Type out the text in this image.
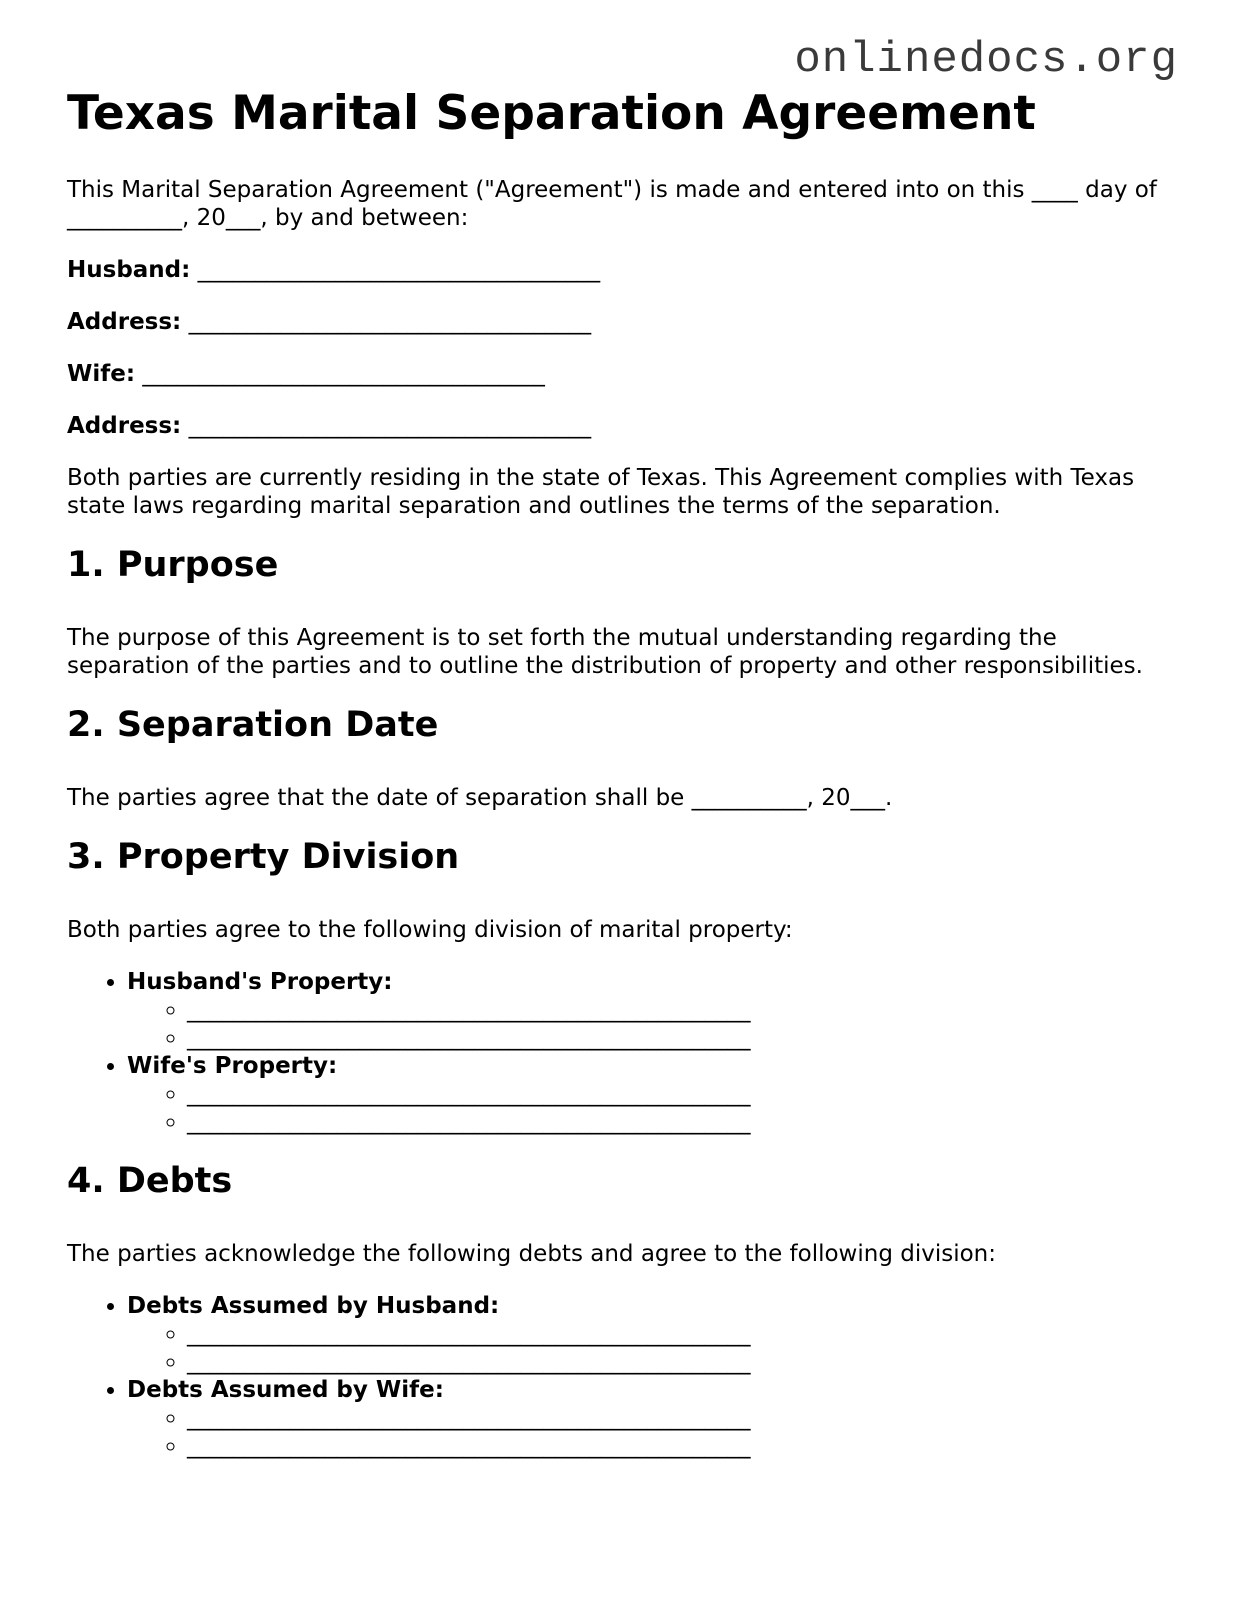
onlinedocs.org
Texas Marital Separation Agreement

This Marital Separation Agreement ("Agreement") is made and entered into on this ____ day of __________, 20___, by and between:

Husband: ___________________________________
Address: ___________________________________
Wife: ___________________________________
Address: ___________________________________

Both parties are currently residing in the state of Texas. This Agreement complies with Texas state laws regarding marital separation and outlines the terms of the separation.

1. Purpose

The purpose of this Agreement is to set forth the mutual understanding regarding the separation of the parties and to outline the distribution of property and other responsibilities.

2. Separation Date

The parties agree that the date of separation shall be __________, 20___.

3. Property Division

Both parties agree to the following division of marital property:

• Husband's Property:
◦ _________________________________________________
◦ _________________________________________________
• Wife's Property:
◦ _________________________________________________
◦ _________________________________________________
4. Debts

The parties acknowledge the following debts and agree to the following division:

• Debts Assumed by Husband:
◦ _________________________________________________
◦ _________________________________________________
• Debts Assumed by Wife:
◦ _________________________________________________
◦ _________________________________________________
